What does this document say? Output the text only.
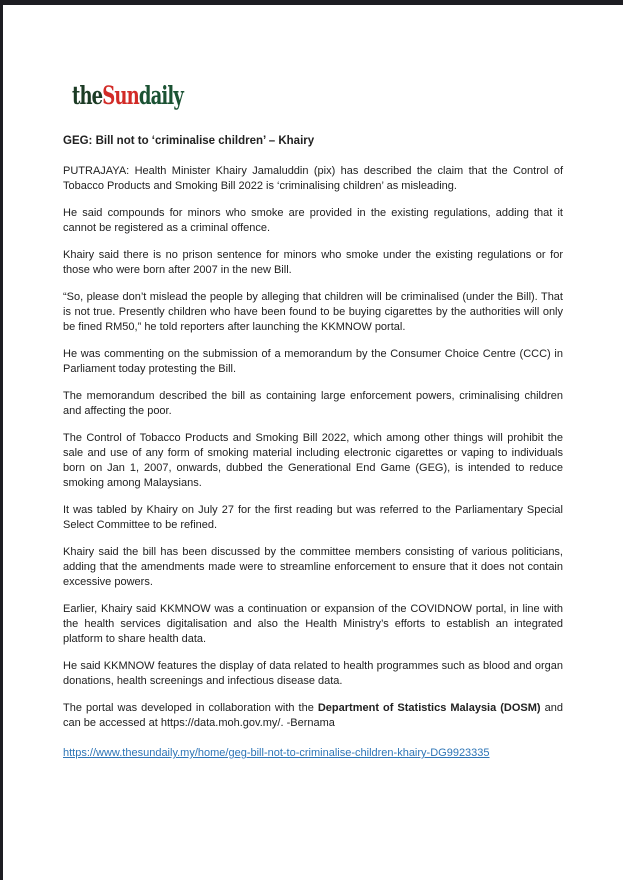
theSundaily
GEG: Bill not to ‘criminalise children’ – Khairy

PUTRAJAYA: Health Minister Khairy Jamaluddin (pix) has described the claim that the Control of Tobacco Products and Smoking Bill 2022 is ‘criminalising children’ as misleading.

He said compounds for minors who smoke are provided in the existing regulations, adding that it cannot be registered as a criminal offence.

Khairy said there is no prison sentence for minors who smoke under the existing regulations or for those who were born after 2007 in the new Bill.

“So, please don’t mislead the people by alleging that children will be criminalised (under the Bill). That is not true. Presently children who have been found to be buying cigarettes by the authorities will only be fined RM50,” he told reporters after launching the KKMNOW portal.

He was commenting on the submission of a memorandum by the Consumer Choice Centre (CCC) in Parliament today protesting the Bill.

The memorandum described the bill as containing large enforcement powers, criminalising children and affecting the poor.

The Control of Tobacco Products and Smoking Bill 2022, which among other things will prohibit the sale and use of any form of smoking material including electronic cigarettes or vaping to individuals born on Jan 1, 2007, onwards, dubbed the Generational End Game (GEG), is intended to reduce smoking among Malaysians.

It was tabled by Khairy on July 27 for the first reading but was referred to the Parliamentary Special Select Committee to be refined.

Khairy said the bill has been discussed by the committee members consisting of various politicians, adding that the amendments made were to streamline enforcement to ensure that it does not contain excessive powers.

Earlier, Khairy said KKMNOW was a continuation or expansion of the COVIDNOW portal, in line with the health services digitalisation and also the Health Ministry’s efforts to establish an integrated platform to share health data.

He said KKMNOW features the display of data related to health programmes such as blood and organ donations, health screenings and infectious disease data.

The portal was developed in collaboration with the Department of Statistics Malaysia (DOSM) and can be accessed at https://data.moh.gov.my/. -Bernama

https://www.thesundaily.my/home/geg-bill-not-to-criminalise-children-khairy-DG9923335
